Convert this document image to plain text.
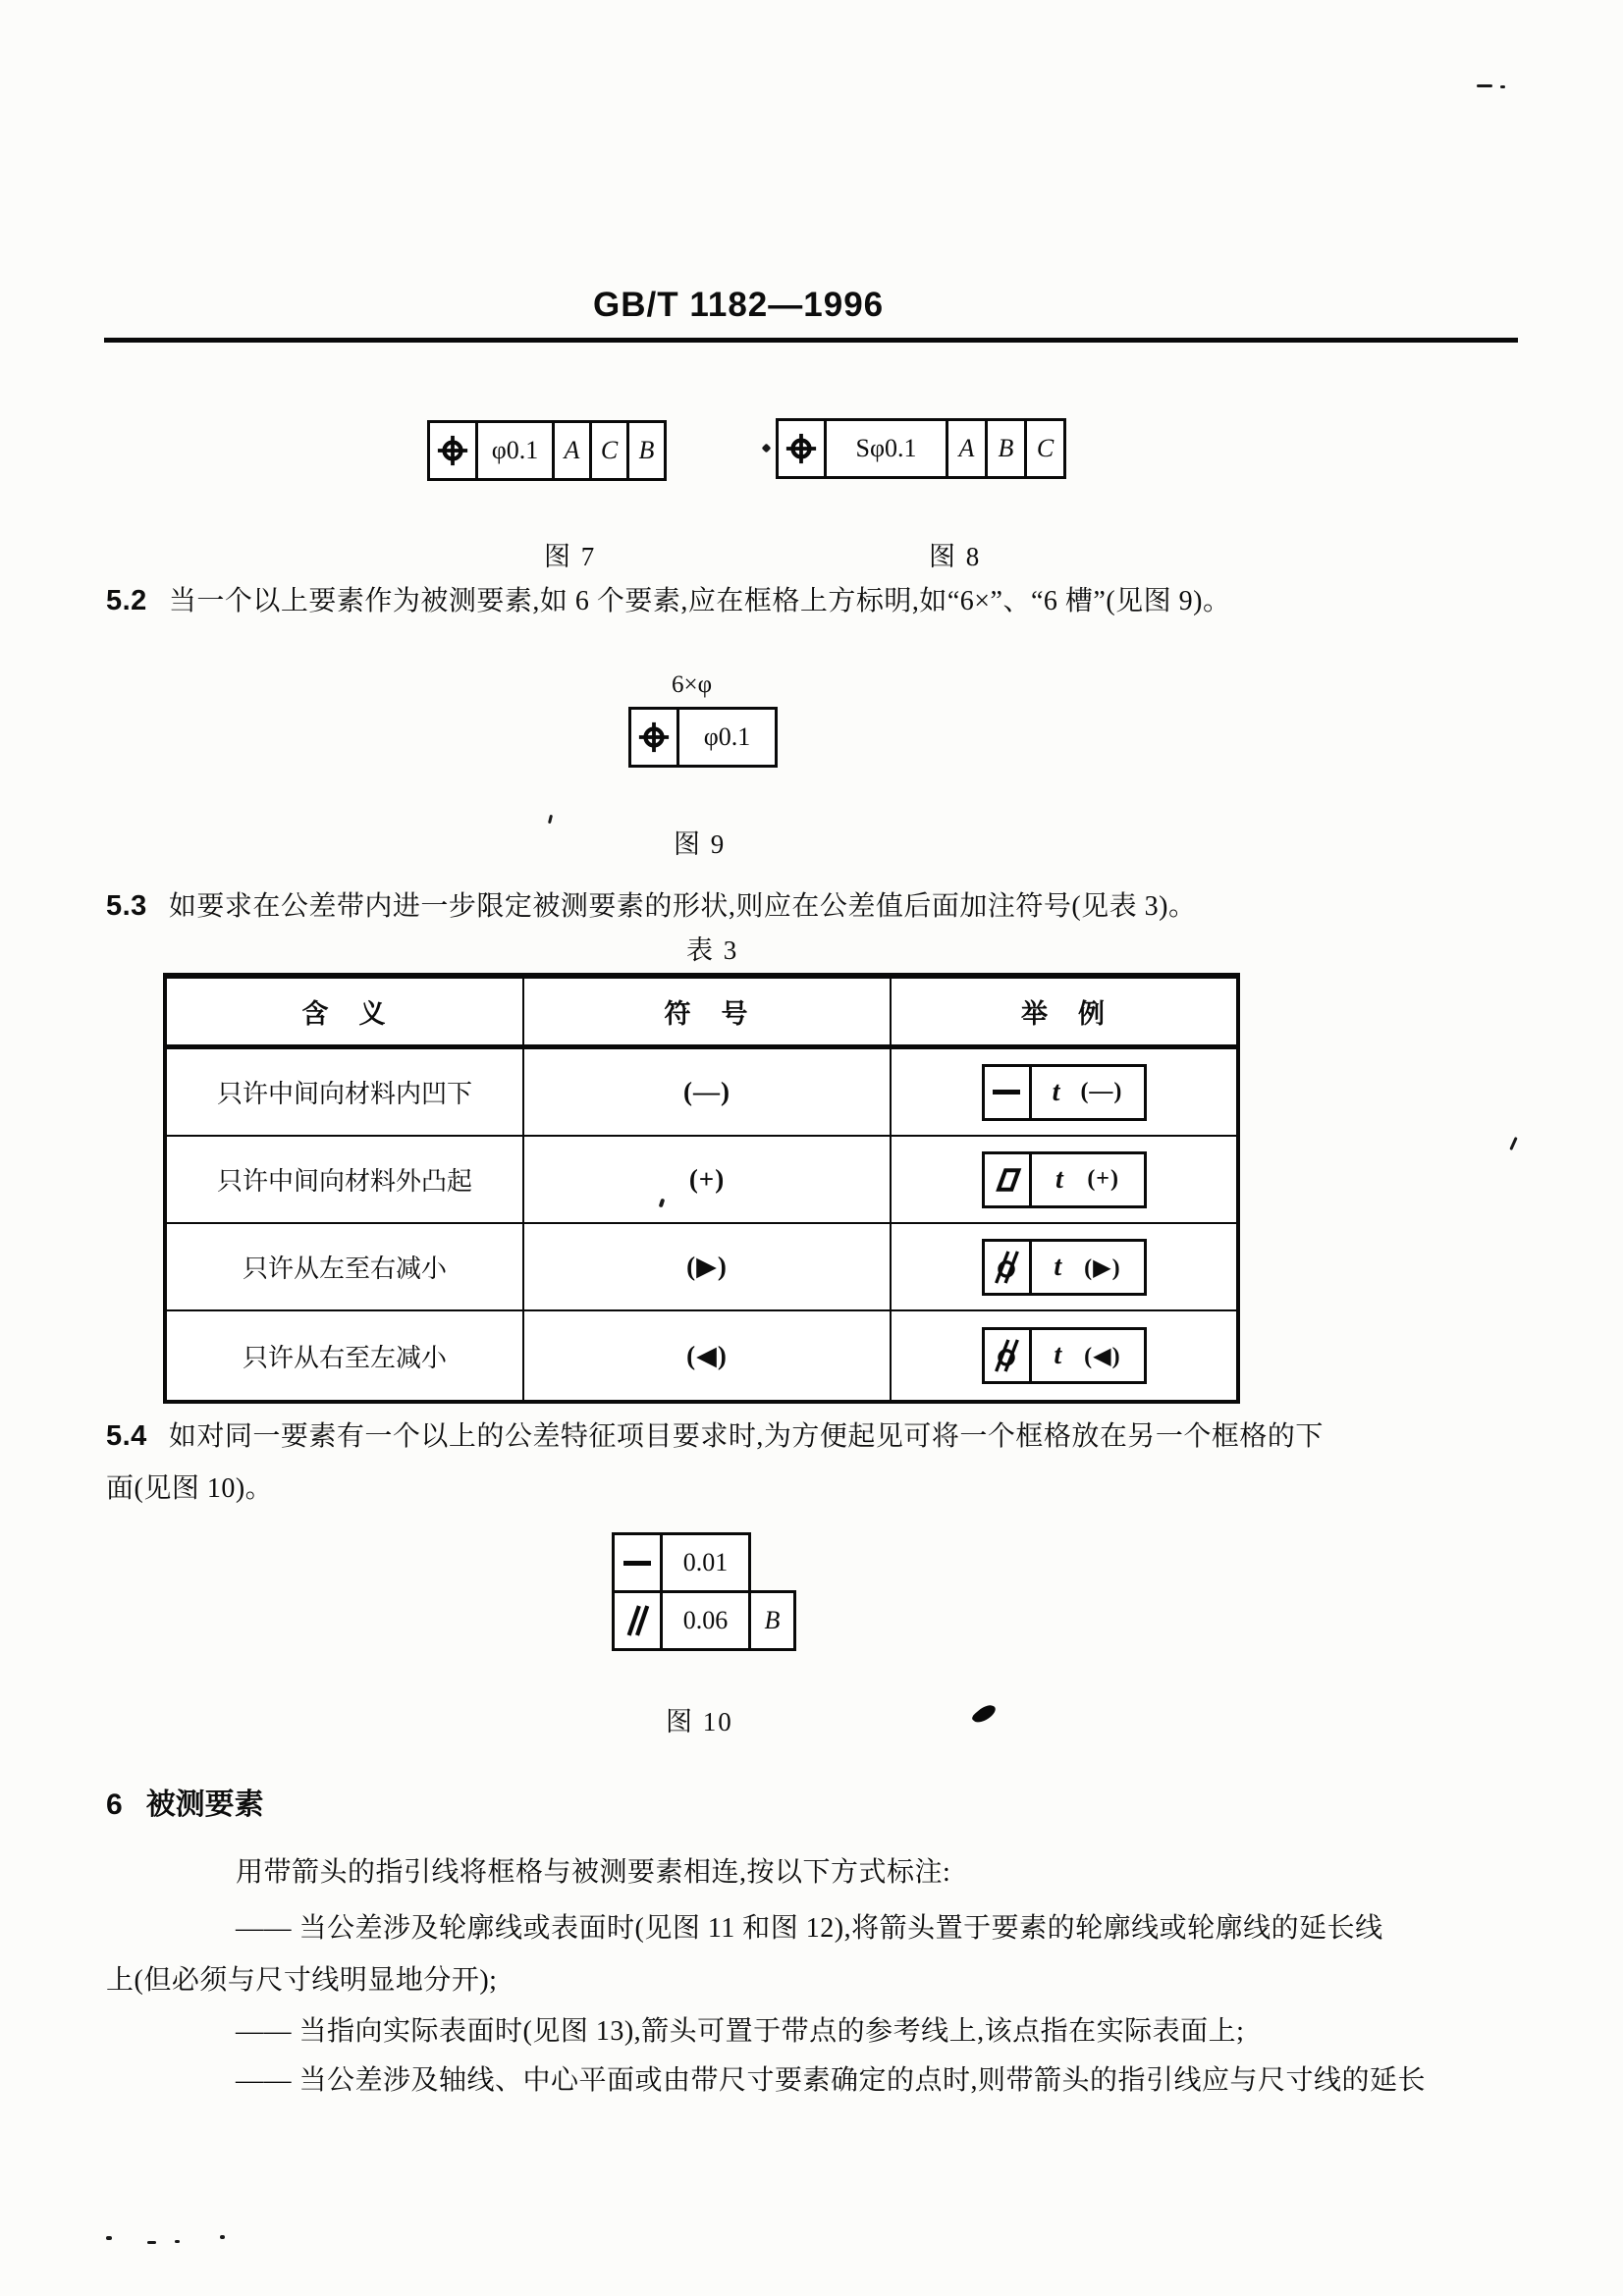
GB/T 1182—1996
φ0.1	A C B
图 7
Sφ0.1	A B C
图 8
5.2 当一个以上要素作为被测要素,如 6 个要素,应在框格上方标明,如“6×”、“6 槽”(见图 9)。
6×φ
φ0.1
图 9
5.3 如要求在公差带内进一步限定被测要素的形状,则应在公差值后面加注符号(见表 3)。
表 3
含　义	符　号	举　例
只许中间向材料内凹下	(—)	t (—)
只许中间向材料外凸起	(+)	t (+)
只许从左至右减小	(▶)	t (▶)
只许从右至左减小	(◀)	t (◀)
5.4 如对同一要素有一个以上的公差特征项目要求时,为方便起见可将一个框格放在另一个框格的下
面(见图 10)。
0.01
0.06	B
图 10
6 被测要素
用带箭头的指引线将框格与被测要素相连,按以下方式标注:
—— 当公差涉及轮廓线或表面时(见图 11 和图 12),将箭头置于要素的轮廓线或轮廓线的延长线
上(但必须与尺寸线明显地分开);
—— 当指向实际表面时(见图 13),箭头可置于带点的参考线上,该点指在实际表面上;
—— 当公差涉及轴线、中心平面或由带尺寸要素确定的点时,则带箭头的指引线应与尺寸线的延长
